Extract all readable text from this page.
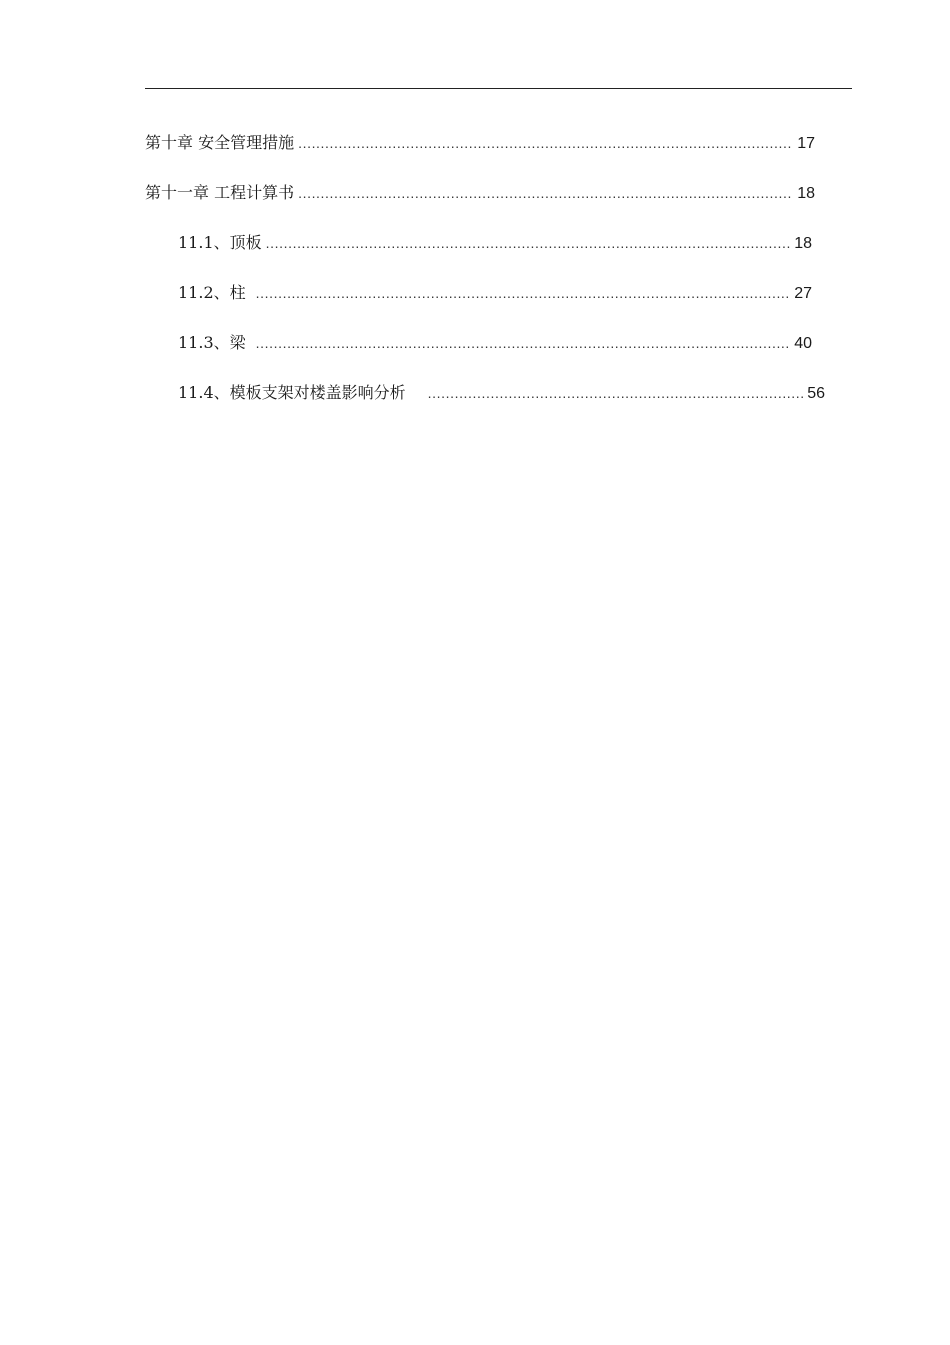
第十章 安全管理措施 .....	17
第十一章 工程计算书 .....	18
11.1、顶板 .....	18
11.2、柱 .....	27
11.3、梁 .....	40
11.4、模板支架对楼盖影响分析 .....	56
